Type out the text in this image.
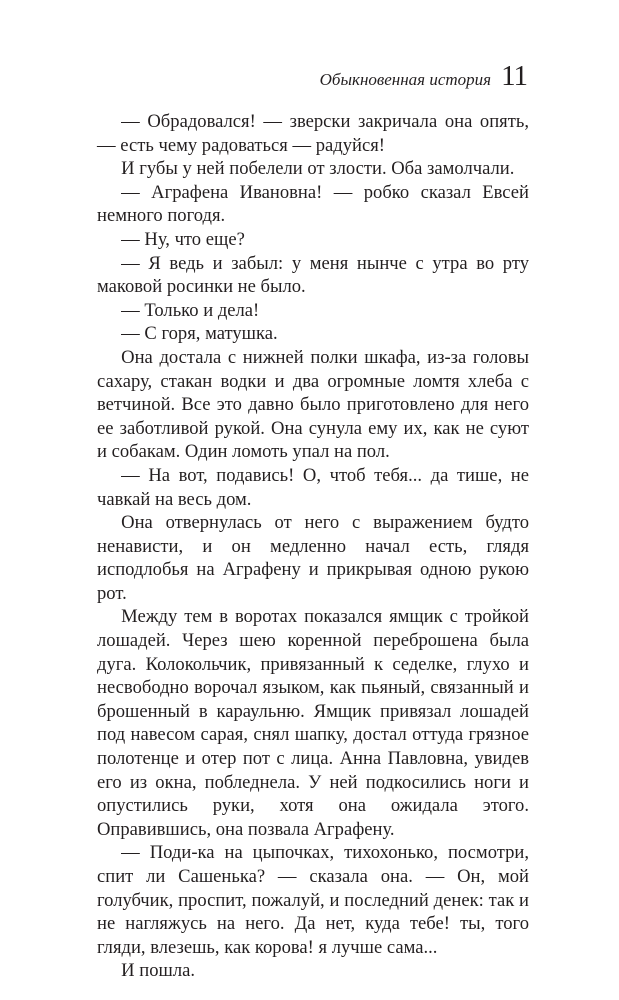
Обыкновенная история 11

— Обрадовался! — зверски закричала она опять, — есть чему радоваться — радуйся!

И губы у ней побелели от злости. Оба замолчали.

— Аграфена Ивановна! — робко сказал Евсей немного погодя.

— Ну, что еще?

— Я ведь и забыл: у меня нынче с утра во рту маковой росинки не было.

— Только и дела!

— С горя, матушка.

Она достала с нижней полки шкафа, из-за головы сахару, стакан водки и два огромные ломтя хлеба с ветчиной. Все это давно было приготовлено для него ее заботливой рукой. Она сунула ему их, как не суют и собакам. Один ломоть упал на пол.

— На вот, подавись! О, чтоб тебя... да тише, не чавкай на весь дом.

Она отвернулась от него с выражением будто ненависти, и он медленно начал есть, глядя исподлобья на Аграфену и прикрывая одною рукою рот.

Между тем в воротах показался ямщик с тройкой лошадей. Через шею коренной переброшена была дуга. Колокольчик, привязанный к седелке, глухо и несвободно ворочал языком, как пьяный, связанный и брошенный в караульню. Ямщик привязал лошадей под навесом сарая, снял шапку, достал оттуда грязное полотенце и отер пот с лица. Анна Павловна, увидев его из окна, побледнела. У ней подкосились ноги и опустились руки, хотя она ожидала этого. Оправившись, она позвала Аграфену.

— Поди-ка на цыпочках, тихохонько, посмотри, спит ли Сашенька? — сказала она. — Он, мой голубчик, проспит, пожалуй, и последний денек: так и не нагляжусь на него. Да нет, куда тебе! ты, того гляди, влезешь, как корова! я лучше сама...

И пошла.
